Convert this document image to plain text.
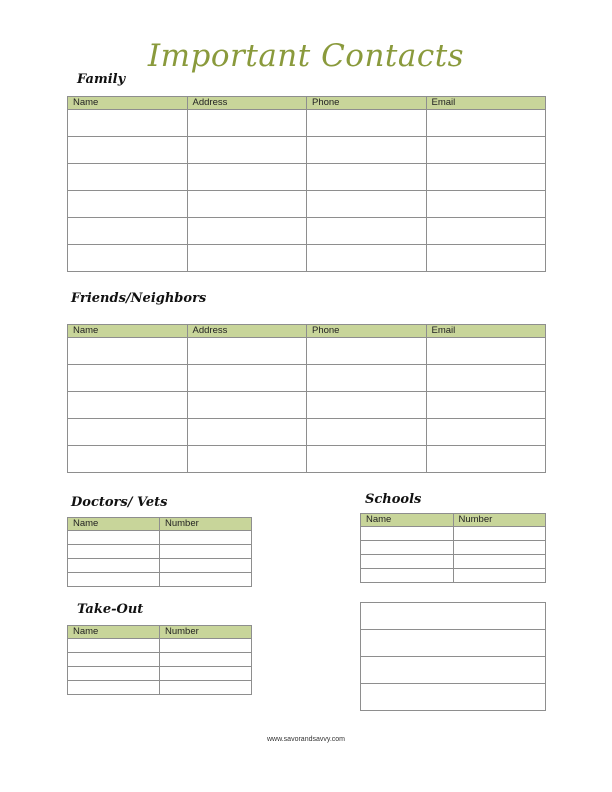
Important Contacts
Family
Name	Address	Phone	Email

Friends/Neighbors
Name	Address	Phone	Email

Doctors/ Vets
Name	Number

Schools
Name	Number

Take-Out
Name	Number

www.savorandsavvy.com
